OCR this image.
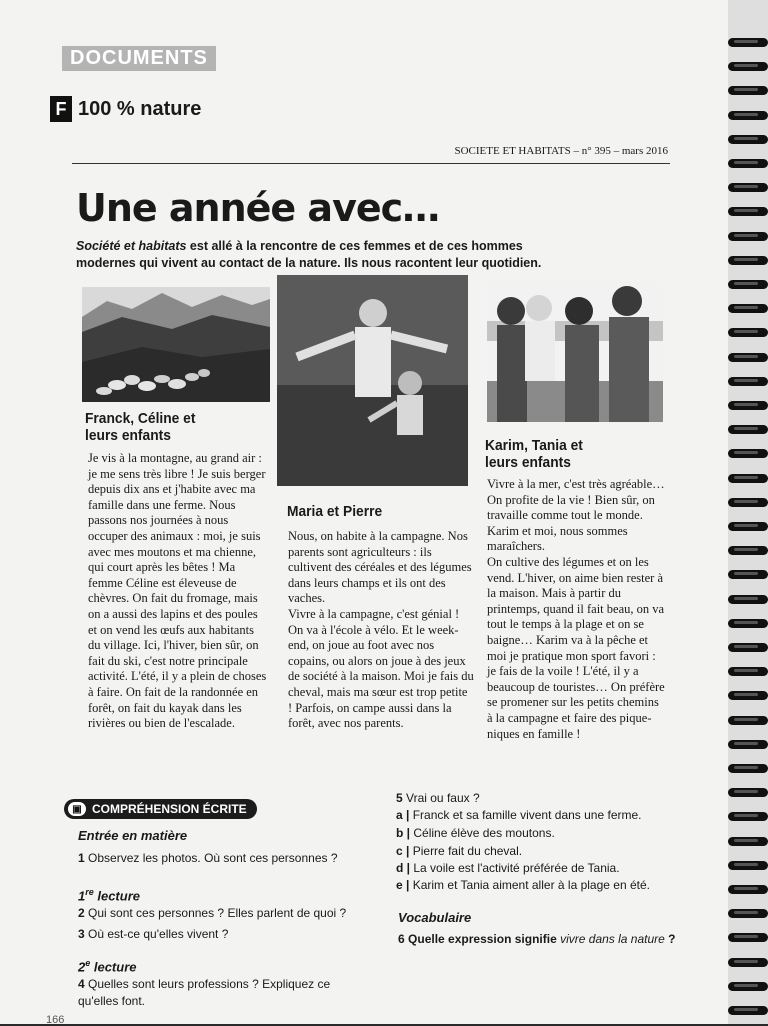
DOCUMENTS
F 100 % nature
SOCIETE ET HABITATS – n° 395 – mars 2016
Une année avec…
Société et habitats est allé à la rencontre de ces femmes et de ces hommes modernes qui vivent au contact de la nature. Ils nous racontent leur quotidien.
Franck, Céline et leurs enfants

Je vis à la montagne, au grand air : je me sens très libre ! Je suis berger depuis dix ans et j'habite avec ma famille dans une ferme. Nous passons nos journées à nous occuper des animaux : moi, je suis avec mes moutons et ma chienne, qui court après les bêtes ! Ma femme Céline est éleveuse de chèvres. On fait du fromage, mais on a aussi des lapins et des poules et on vend les œufs aux habitants du village. Ici, l'hiver, bien sûr, on fait du ski, c'est notre principale activité. L'été, il y a plein de choses à faire. On fait de la randonnée en forêt, on fait du kayak dans les rivières ou bien de l'escalade.

Maria et Pierre

Nous, on habite à la campagne. Nos parents sont agriculteurs : ils cultivent des céréales et des légumes dans leurs champs et ils ont des vaches.

Vivre à la campagne, c'est génial ! On va à l'école à vélo. Et le week-end, on joue au foot avec nos copains, ou alors on joue à des jeux de société à la maison. Moi je fais du cheval, mais ma sœur est trop petite ! Parfois, on campe aussi dans la forêt, avec nos parents.

Karim, Tania et leurs enfants

Vivre à la mer, c'est très agréable… On profite de la vie ! Bien sûr, on travaille comme tout le monde. Karim et moi, nous sommes maraîchers.

On cultive des légumes et on les vend. L'hiver, on aime bien rester à la maison. Mais à partir du printemps, quand il fait beau, on va tout le temps à la plage et on se baigne… Karim va à la pêche et moi je pratique mon sport favori : je fais de la voile ! L'été, il y a beaucoup de touristes… On préfère se promener sur les petits chemins à la campagne et faire des pique-niques en famille !

▣ COMPRÉHENSION ÉCRITE
Entrée en matière
1 Observez les photos. Où sont ces personnes ?
1re lecture
2 Qui sont ces personnes ? Elles parlent de quoi ?
3 Où est-ce qu'elles vivent ?
2e lecture
4 Quelles sont leurs professions ? Expliquez ce qu'elles font.
5 Vrai ou faux ?
a | Franck et sa famille vivent dans une ferme.
b | Céline élève des moutons.
c | Pierre fait du cheval.
d | La voile est l'activité préférée de Tania.
e | Karim et Tania aiment aller à la plage en été.
Vocabulaire
6 Quelle expression signifie vivre dans la nature ?
166
